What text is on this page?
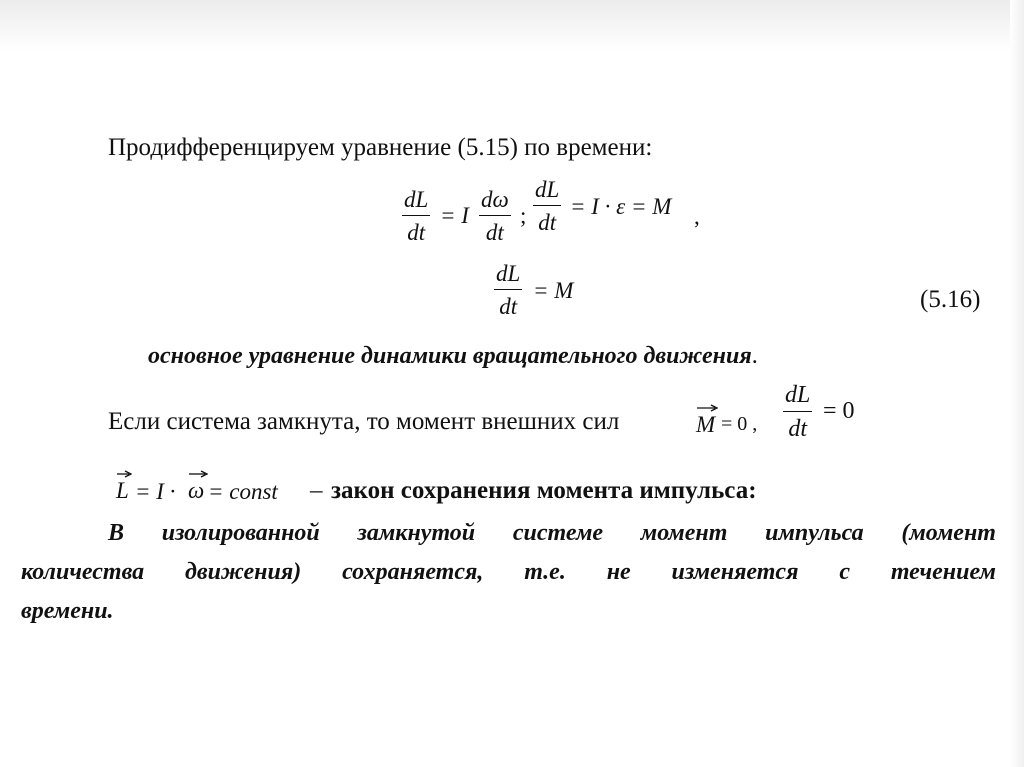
Продифференцируем уравнение (5.15) по времени:
dL
dt
= I
dω
dt
;
dL
dt
= I · ε = M ,
dL
dt
= M	(5.16)
основное уравнение динамики вращательного движения.
Если система замкнута, то момент внешних сил	M = 0 ,
dL
dt
= 0
L = I · ω = const – закон сохранения момента импульса:
В изолированной замкнутой системе момент импульса (момент
количества движения) сохраняется, т.е. не изменяется с течением
времени.
